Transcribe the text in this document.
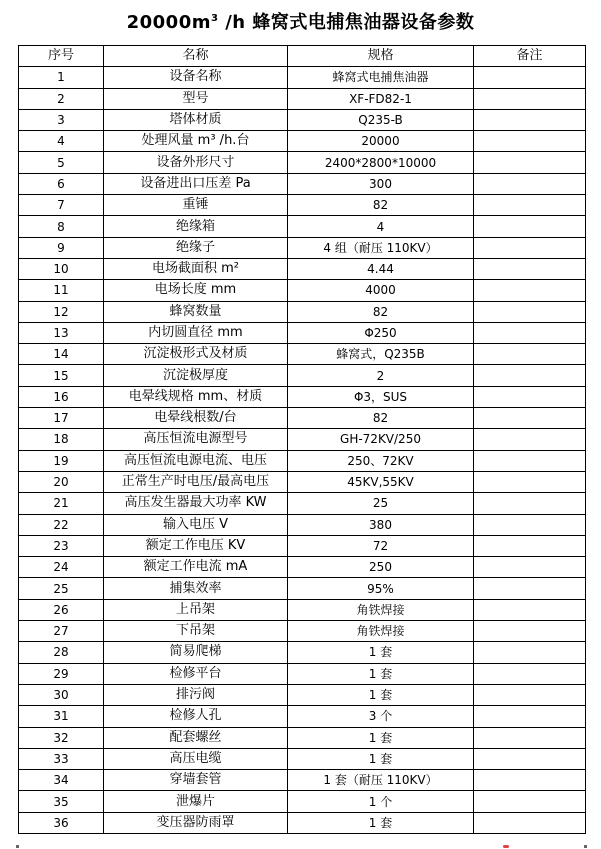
$20000m^3$ /h 蜂窝式电捕焦油器设备参数
序号	名称	规格	备注
1	设备名称	蜂窝式电捕焦油器	
2	型号	XF-FD82-1	
3	塔体材质	Q235-B	
4	处理风量 m³ /h.台	20000	
5	设备外形尺寸	2400*2800*10000	
6	设备进出口压差 Pa	300	
7	重锤	82	
8	绝缘箱	4	
9	绝缘子	4 组（耐压 110KV）	
10	电场截面积 m²	4.44	
11	电场长度 mm	4000	
12	蜂窝数量	82	
13	内切圆直径 mm	Φ250	
14	沉淀极形式及材质	蜂窝式，Q235B	
15	沉淀极厚度	2	
16	电晕线规格 mm、材质	Φ3，SUS	
17	电晕线根数/台	82	
18	高压恒流电源型号	GH-72KV/250	
19	高压恒流电源电流、电压	250、72KV	
20	正常生产时电压/最高电压	45KV,55KV	
21	高压发生器最大功率 KW	25	
22	输入电压 V	380	
23	额定工作电压 KV	72	
24	额定工作电流 mA	250	
25	捕集效率	95%	
26	上吊架	角铁焊接	
27	下吊架	角铁焊接	
28	简易爬梯	1 套	
29	检修平台	1 套	
30	排污阀	1 套	
31	检修人孔	3 个	
32	配套螺丝	1 套	
33	高压电缆	1 套	
34	穿墙套管	1 套（耐压 110KV）	
35	泄爆片	1 个	
36	变压器防雨罩	1 套	
